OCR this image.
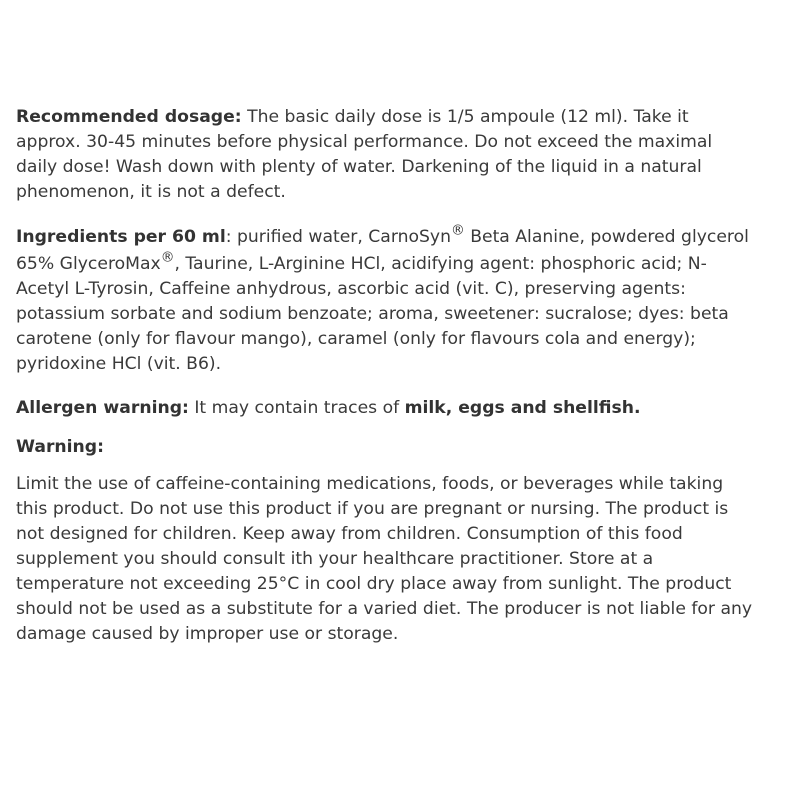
Recommended dosage: The basic daily dose is 1/5 ampoule (12 ml). Take it
approx. 30-45 minutes before physical performance. Do not exceed the maximal
daily dose! Wash down with plenty of water. Darkening of the liquid in a natural
phenomenon, it is not a defect.

Ingredients per 60 ml: purified water, CarnoSyn® Beta Alanine, powdered glycerol
65% GlyceroMax®, Taurine, L-Arginine HCl, acidifying agent: phosphoric acid; N-
Acetyl L-Tyrosin, Caffeine anhydrous, ascorbic acid (vit. C), preserving agents:
potassium sorbate and sodium benzoate; aroma, sweetener: sucralose; dyes: beta
carotene (only for flavour mango), caramel (only for flavours cola and energy);
pyridoxine HCl (vit. B6).

Allergen warning: It may contain traces of milk, eggs and shellfish.

Warning:

Limit the use of caffeine-containing medications, foods, or beverages while taking
this product. Do not use this product if you are pregnant or nursing. The product is
not designed for children. Keep away from children. Consumption of this food
supplement you should consult ith your healthcare practitioner. Store at a
temperature not exceeding 25°C in cool dry place away from sunlight. The product
should not be used as a substitute for a varied diet. The producer is not liable for any
damage caused by improper use or storage.
